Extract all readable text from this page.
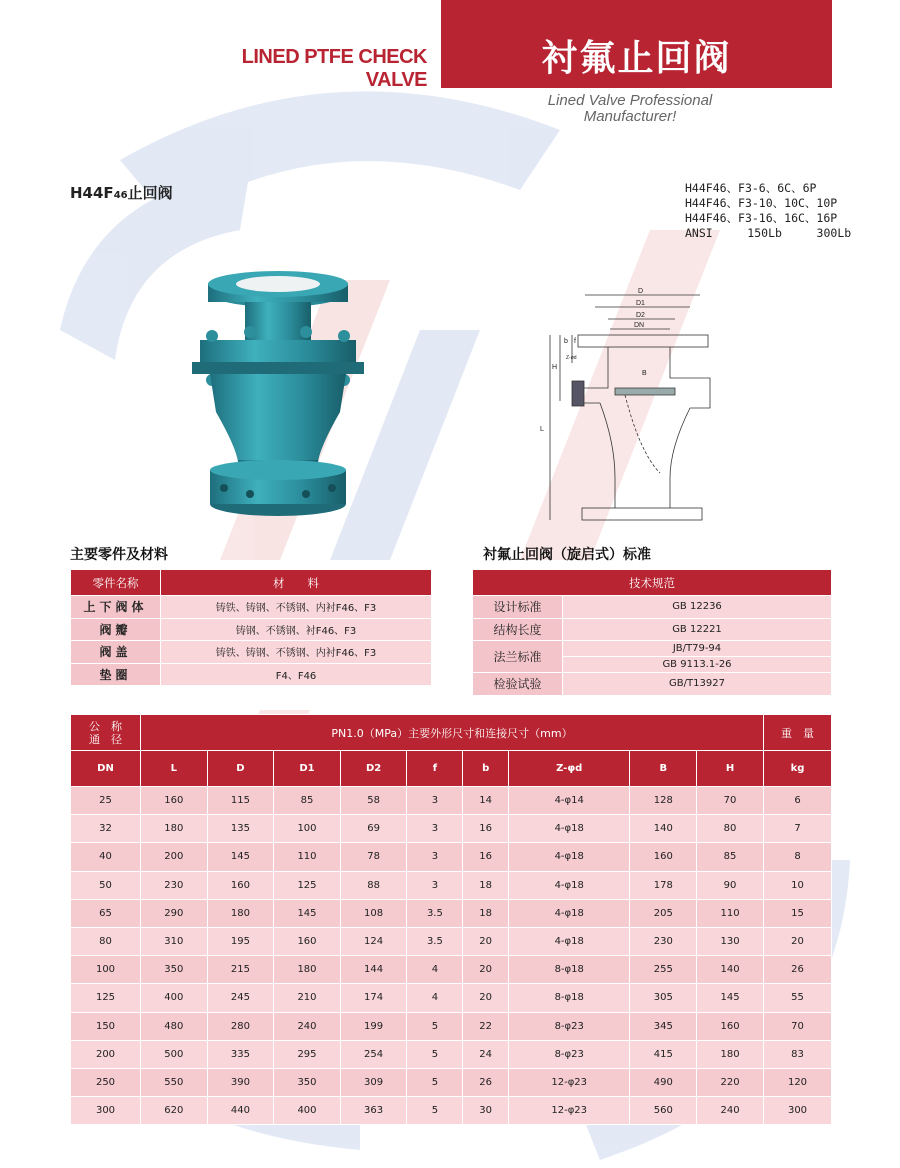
衬氟止回阀
LINED PTFE CHECK VALVE
Lined Valve Professional
Manufacturer!
H44F46止回阀	H44F46、F3-6、6C、6P
H44F46、F3-10、10C、10P
H44F46、F3-16、16C、16P
ANSI     150Lb     300Lb
D
D1
D2
DN
B
H
L
b f
Z-ød
主要零件及材料	衬氟止回阀（旋启式）标准
零件名称	材　　料
上下阀体	铸铁、铸钢、不锈钢、内衬F46、F3
阀瓣	铸钢、不锈钢、衬F46、F3
阀盖	铸铁、铸钢、不锈钢、内衬F46、F3
垫圈	F4、F46
技术规范	
设计标准	GB 12236
结构长度	GB 12221
法兰标准	JB/T79-94
	GB 9113.1-26
检验试验	GB/T13927
公　称
通　径	PN1.0（MPa）主要外形尺寸和连接尺寸（mm）									重　量
DN	L	D	D1	D2	f	b	Z-φd	B	H	kg
25	160	115	85	58	3	14	4-φ14	128	70	6
32	180	135	100	69	3	16	4-φ18	140	80	7
40	200	145	110	78	3	16	4-φ18	160	85	8
50	230	160	125	88	3	18	4-φ18	178	90	10
65	290	180	145	108	3.5	18	4-φ18	205	110	15
80	310	195	160	124	3.5	20	4-φ18	230	130	20
100	350	215	180	144	4	20	8-φ18	255	140	26
125	400	245	210	174	4	20	8-φ18	305	145	55
150	480	280	240	199	5	22	8-φ23	345	160	70
200	500	335	295	254	5	24	8-φ23	415	180	83
250	550	390	350	309	5	26	12-φ23	490	220	120
300	620	440	400	363	5	30	12-φ23	560	240	300
